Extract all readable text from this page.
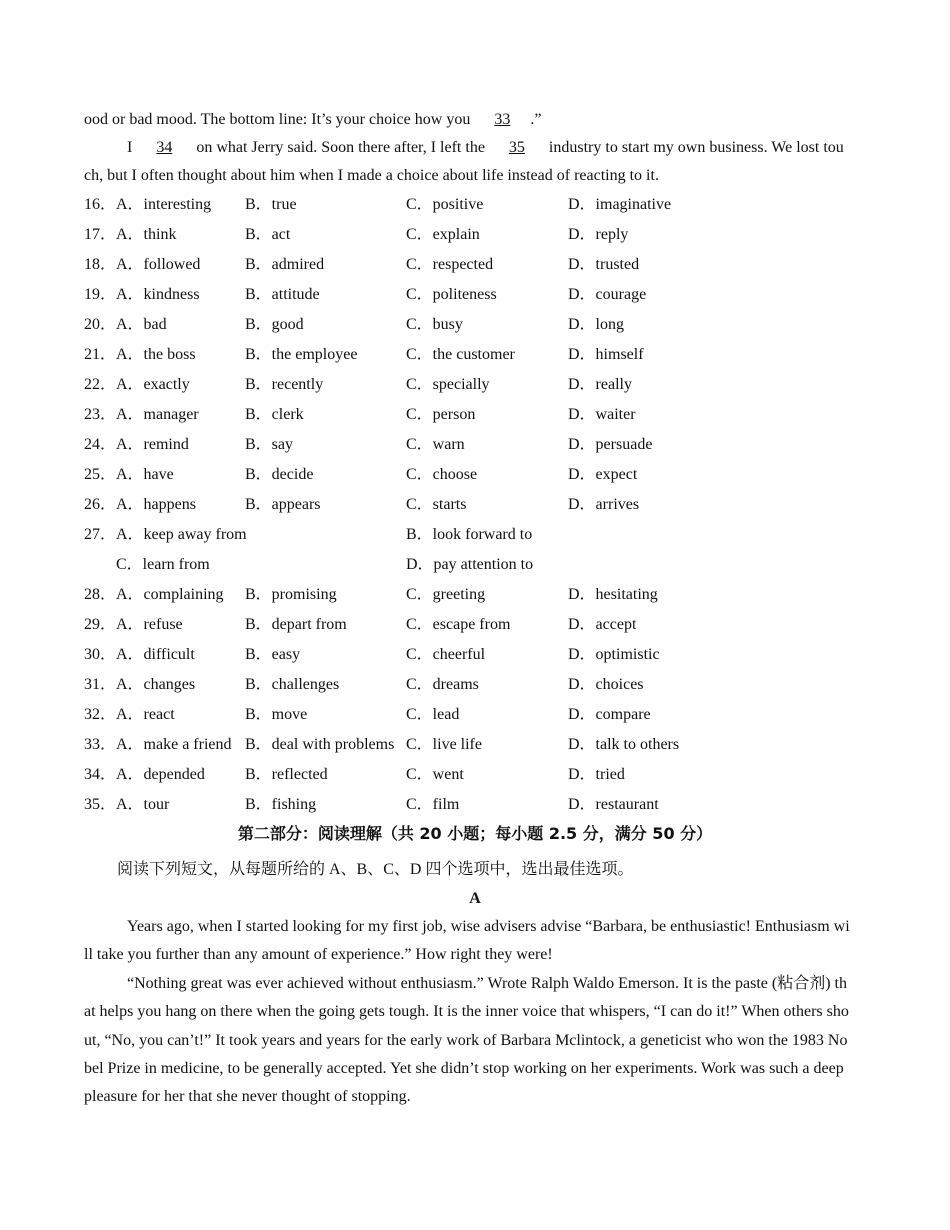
ood or bad mood. The bottom line: It’s your choice how you 33 .”
I 34 on what Jerry said. Soon there after, I left the 35 industry to start my own business. We lost tou
ch, but I often thought about him when I made a choice about life instead of reacting to it.
16． A．interesting B．true	C．positive	D．imaginative
17． A．think	B．act	C．explain	D．reply
18． A．followed	B．admired	C．respected	D．trusted
19． A．kindness	B．attitude	C．politeness	D．courage
20． A．bad	B．good	C．busy	D．long
21． A．the boss	B．the employee	C．the customer	D．himself
22． A．exactly	B．recently	C．specially	D．really
23． A．manager	B．clerk	C．person	D．waiter
24． A．remind	B．say	C．warn	D．persuade
25． A．have	B．decide	C．choose	D．expect
26． A．happens	B．appears	C．starts	D．arrives
27． A．keep away from	B．look forward to
C．learn from	D．pay attention to
28． A．complaining B．promising	C．greeting	D．hesitating
29． A．refuse	B．depart from	C．escape from	D．accept
30． A．difficult	B．easy	C．cheerful	D．optimistic
31． A．changes	B．challenges	C．dreams	D．choices
32． A．react	B．move	C．lead	D．compare
33． A．make a friend B．deal with problems C．live life	D．talk to others
34． A．depended	B．reflected	C．went	D．tried
35． A．tour	B．fishing	C．film	D．restaurant
第二部分：阅读理解（共 20 小题；每小题 2.5 分，满分 50 分）
阅读下列短文，从每题所给的 A、B、C、D 四个选项中，选出最佳选项。
A
Years ago, when I started looking for my first job, wise advisers advise “Barbara, be enthusiastic! Enthusiasm wi
ll take you further than any amount of experience.” How right they were!
“Nothing great was ever achieved without enthusiasm.” Wrote Ralph Waldo Emerson. It is the paste (粘合剂) th
at helps you hang on there when the going gets tough. It is the inner voice that whispers, “I can do it!” When others sho
ut, “No, you can’t!” It took years and years for the early work of Barbara Mclintock, a geneticist who won the 1983 No
bel Prize in medicine, to be generally accepted. Yet she didn’t stop working on her experiments. Work was such a deep
pleasure for her that she never thought of stopping.
